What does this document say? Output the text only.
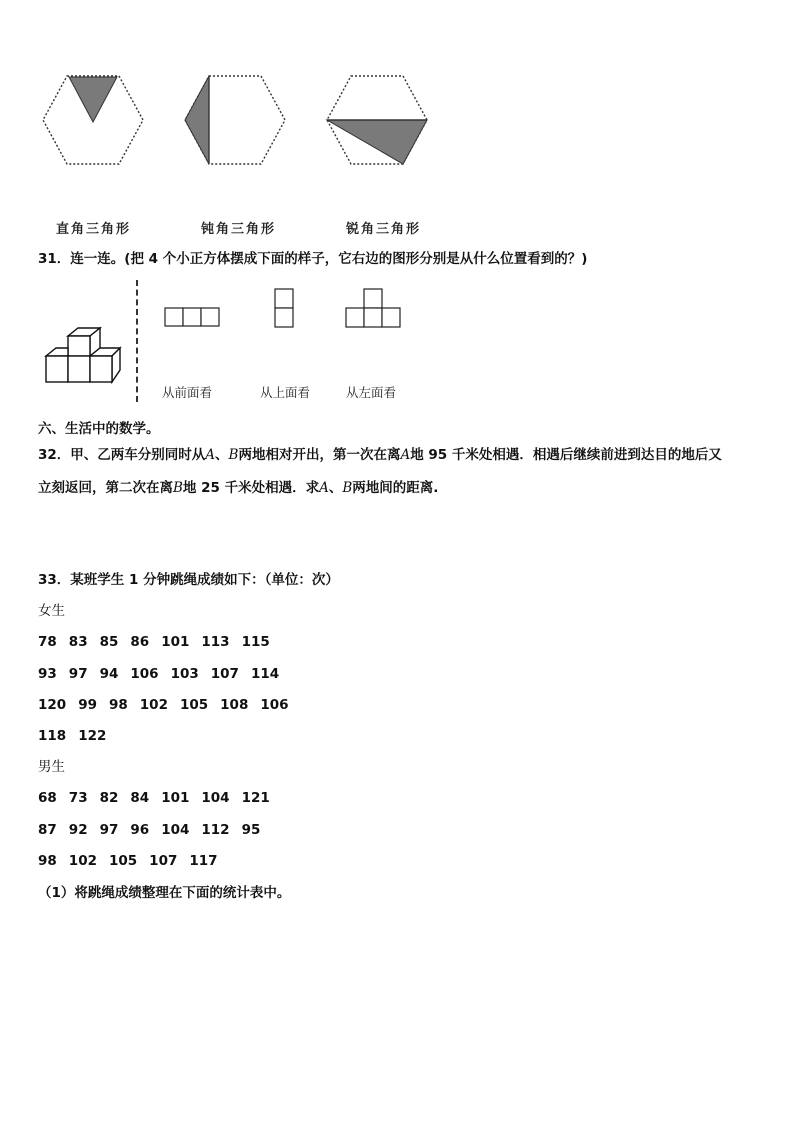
直角三角形	钝角三角形	锐角三角形
31．连一连。(把 4 个小正方体摆成下面的样子，它右边的图形分别是从什么位置看到的？)
从前面看	从上面看	从左面看
六、生活中的数学。
32．甲、乙两车分别同时从A、B两地相对开出，第一次在离A地 95 千米处相遇．相遇后继续前进到达目的地后又
立刻返回，第二次在离B地 25 千米处相遇．求A、B两地间的距离.
33．某班学生 1 分钟跳绳成绩如下：（单位：次）
女生
78 83 85 86 101 113 115
93 97 94 106 103 107 114
120 99 98 102 105 108 106
118 122
男生
68 73 82 84 101 104 121
87 92 97 96 104 112 95
98 102 105 107 117
（1）将跳绳成绩整理在下面的统计表中。
